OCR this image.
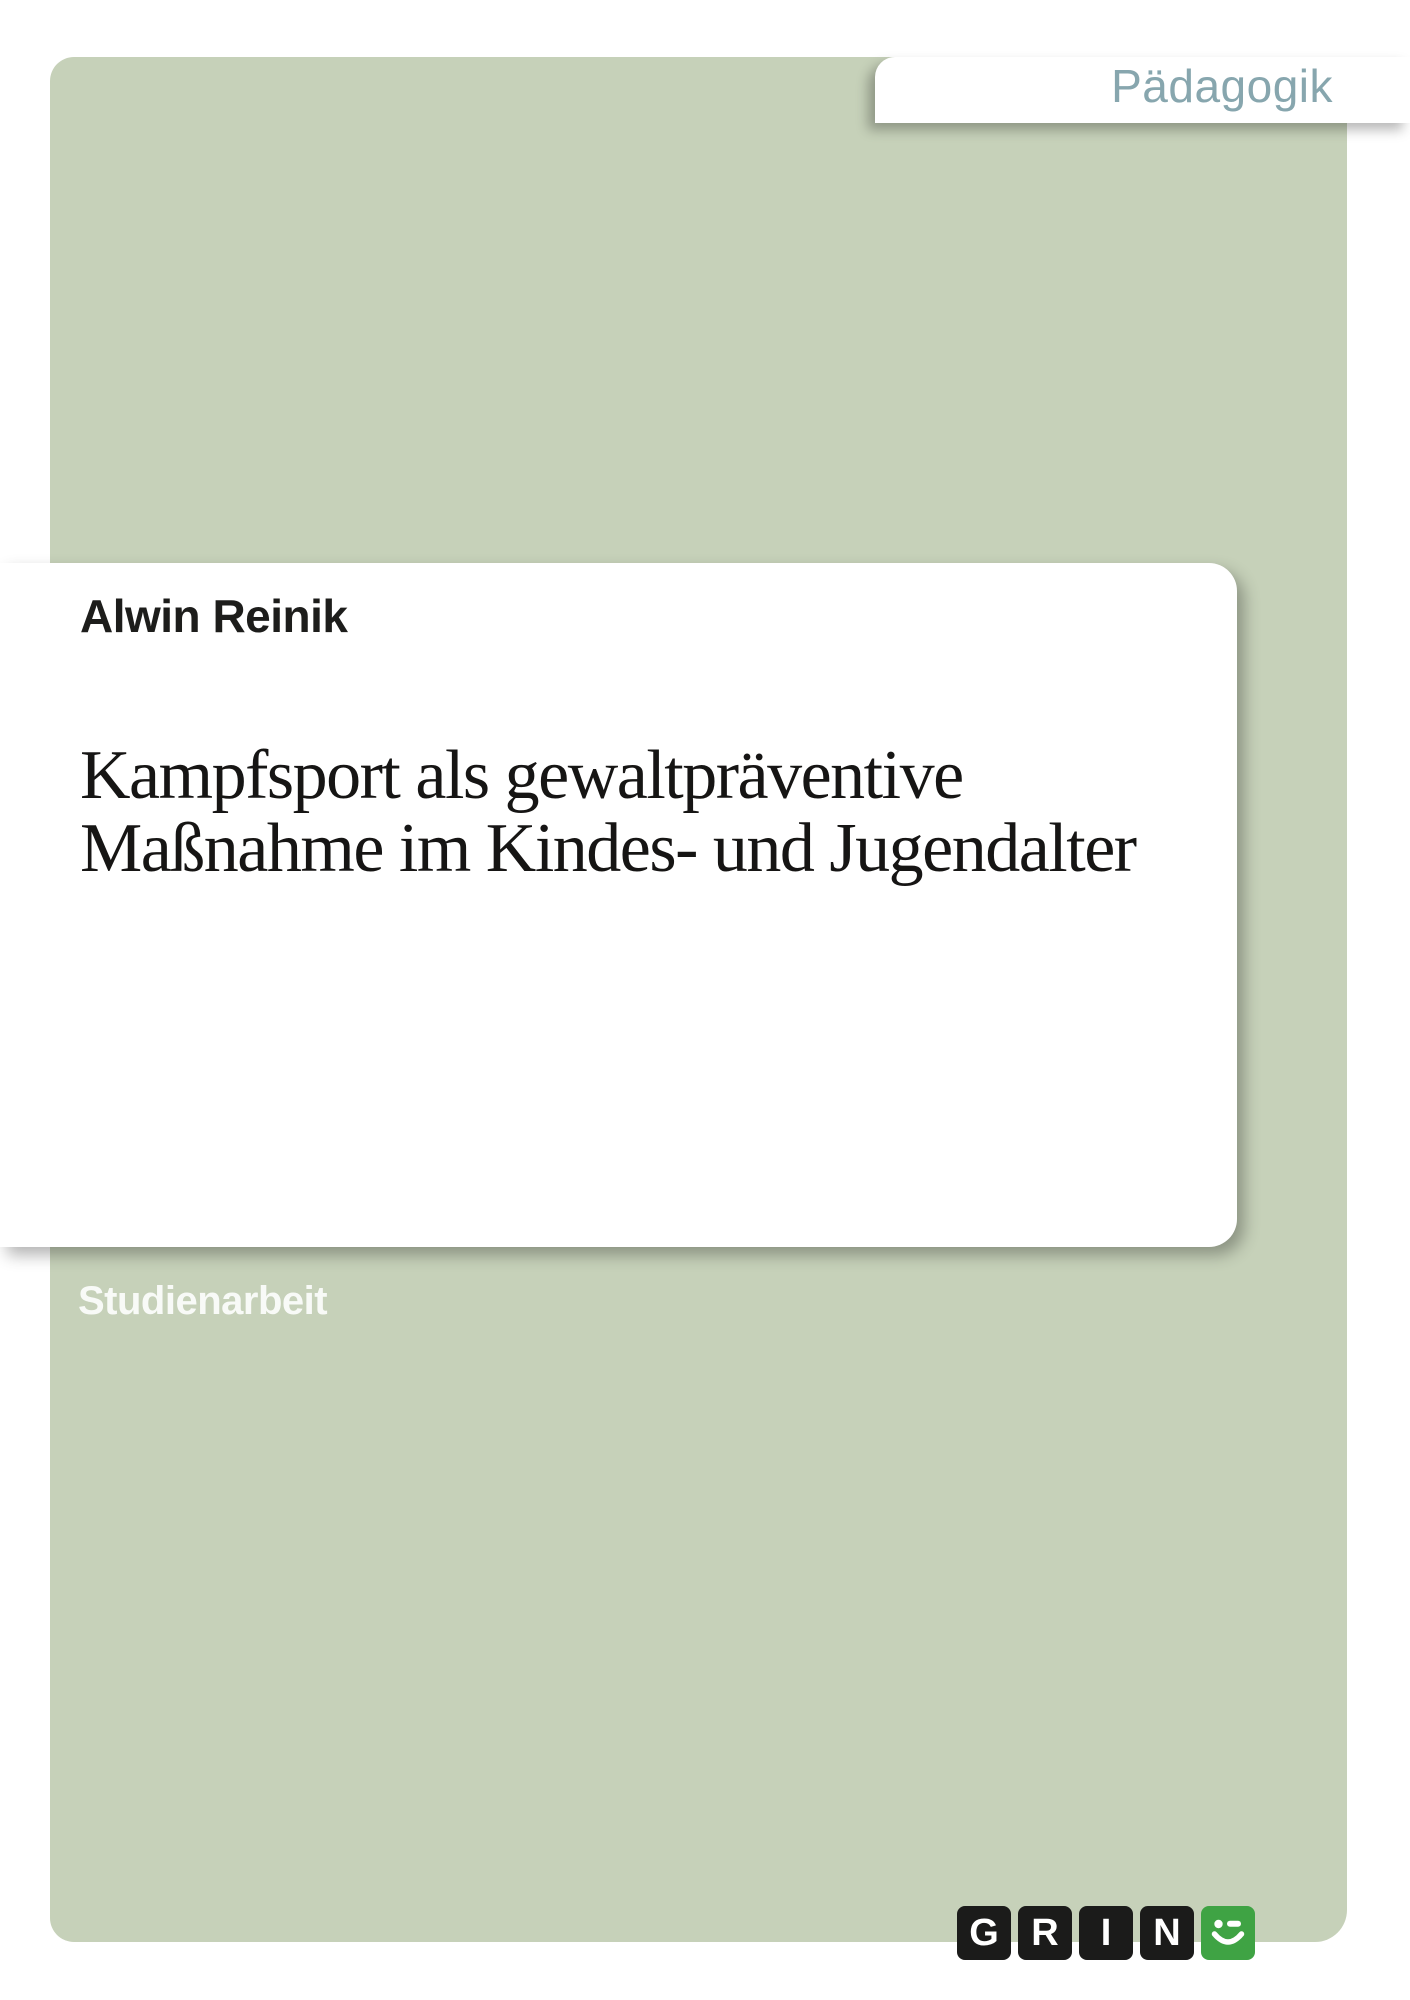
Pädagogik
Alwin Reinik
Kampfsport als gewaltpräventive
Maßnahme im Kindes- und Jugendalter
Studienarbeit
G R I N
